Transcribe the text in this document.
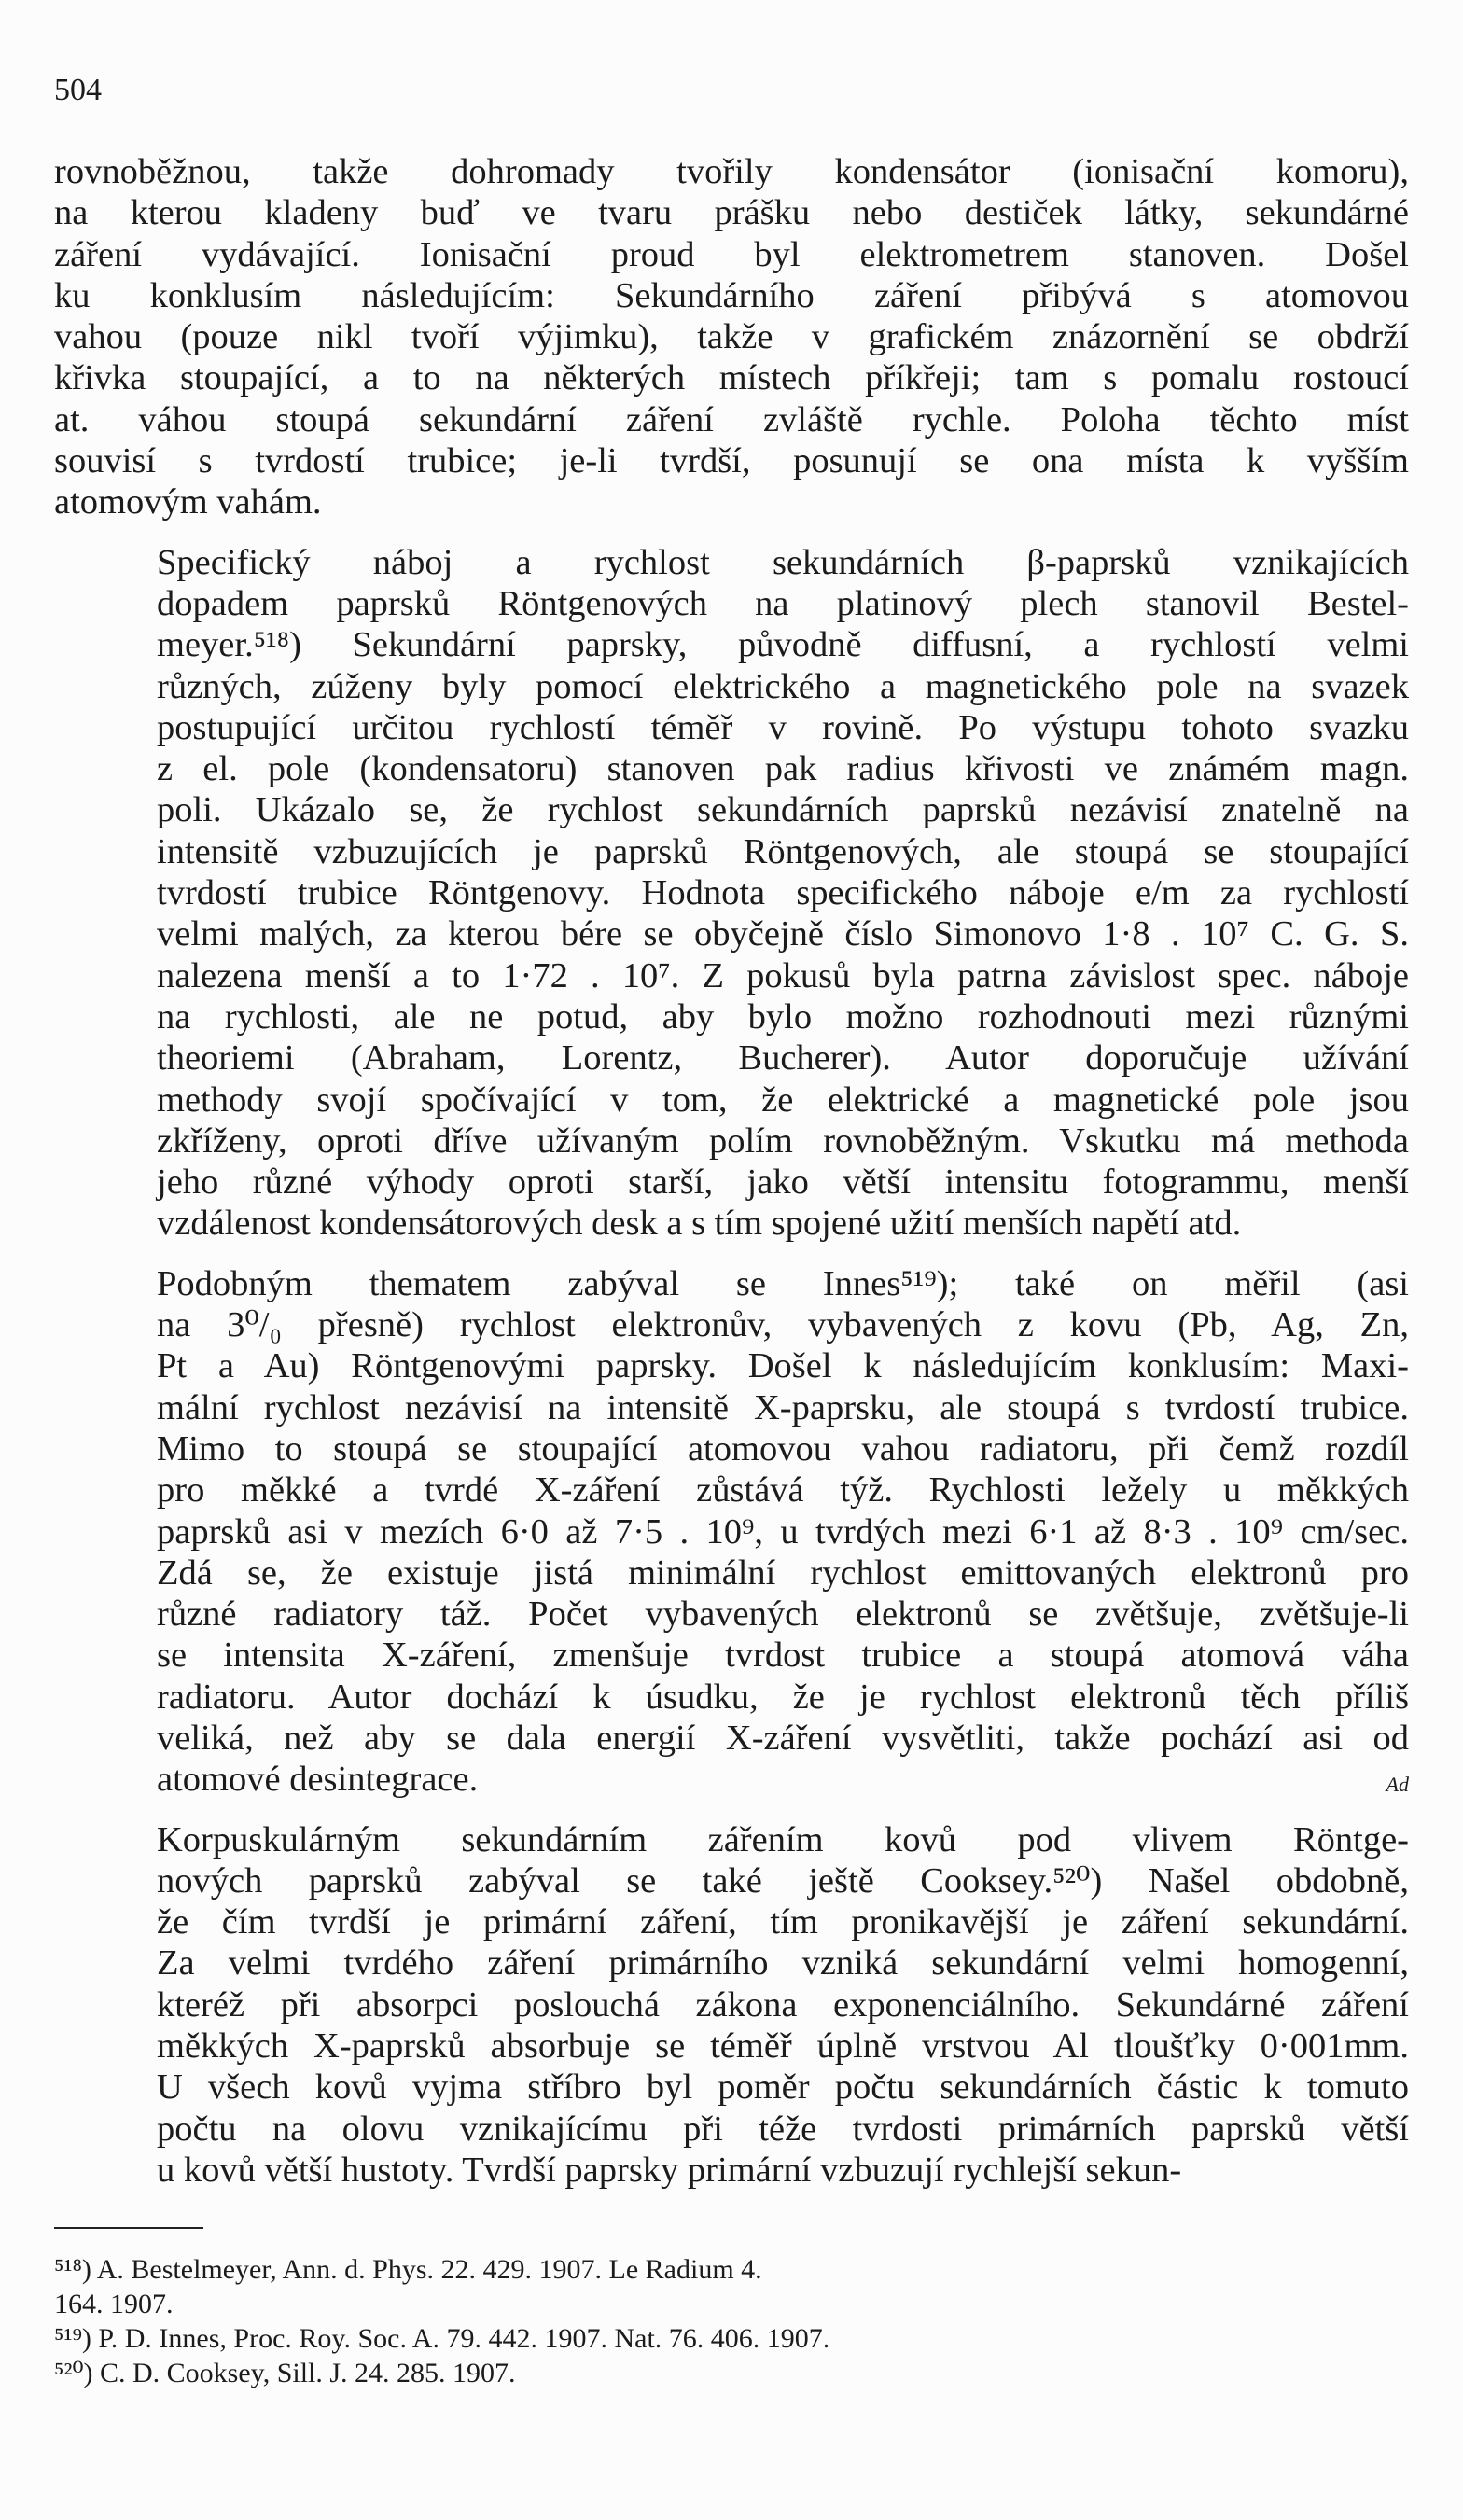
504

rovnoběžnou, takže dohromady tvořily kondensátor (ionisační komoru),
na kterou kladeny buď ve tvaru prášku nebo destiček látky, sekundárné
záření vydávající. Ionisační proud byl elektrometrem stanoven. Došel
ku konklusím následujícím: Sekundárního záření přibývá s atomovou
vahou (pouze nikl tvoří výjimku), takže v grafickém znázornění se obdrží
křivka stoupající, a to na některých místech příkřeji; tam s pomalu rostoucí
at. váhou stoupá sekundární záření zvláště rychle. Poloha těchto míst
souvisí s tvrdostí trubice; je-li tvrdší, posunují se ona místa k vyšším
atomovým vahám.

Specifický náboj a rychlost sekundárních β-paprsků vznikajících
dopadem paprsků Röntgenových na platinový plech stanovil Bestel-
meyer.⁵¹⁸) Sekundární paprsky, původně diffusní, a rychlostí velmi
různých, zúženy byly pomocí elektrického a magnetického pole na svazek
postupující určitou rychlostí téměř v rovině. Po výstupu tohoto svazku
z el. pole (kondensatoru) stanoven pak radius křivosti ve známém magn.
poli. Ukázalo se, že rychlost sekundárních paprsků nezávisí znatelně na
intensitě vzbuzujících je paprsků Röntgenových, ale stoupá se stoupající
tvrdostí trubice Röntgenovy. Hodnota specifického náboje e/m za rychlostí
velmi malých, za kterou bére se obyčejně číslo Simonovo 1·8 . 10⁷ C. G. S.
nalezena menší a to 1·72 . 10⁷. Z pokusů byla patrna závislost spec. náboje
na rychlosti, ale ne potud, aby bylo možno rozhodnouti mezi různými
theoriemi (Abraham, Lorentz, Bucherer). Autor doporučuje užívání
methody svojí spočívající v tom, že elektrické a magnetické pole jsou
zkříženy, oproti dříve užívaným polím rovnoběžným. Vskutku má methoda
jeho různé výhody oproti starší, jako větší intensitu fotogrammu, menší
vzdálenost kondensátorových desk a s tím spojené užití menších napětí atd.

Podobným thematem zabýval se Innes⁵¹⁹); také on měřil (asi
na 3⁰/₀ přesně) rychlost elektronův, vybavených z kovu (Pb, Ag, Zn,
Pt a Au) Röntgenovými paprsky. Došel k následujícím konklusím: Maxi-
mální rychlost nezávisí na intensitě X-paprsku, ale stoupá s tvrdostí trubice.
Mimo to stoupá se stoupající atomovou vahou radiatoru, při čemž rozdíl
pro měkké a tvrdé X-záření zůstává týž. Rychlosti ležely u měkkých
paprsků asi v mezích 6·0 až 7·5 . 10⁹, u tvrdých mezi 6·1 až 8·3 . 10⁹ cm/sec.
Zdá se, že existuje jistá minimální rychlost emittovaných elektronů pro
různé radiatory táž. Počet vybavených elektronů se zvětšuje, zvětšuje-li
se intensita X-záření, zmenšuje tvrdost trubice a stoupá atomová váha
radiatoru. Autor dochází k úsudku, že je rychlost elektronů těch příliš
veliká, než aby se dala energií X-záření vysvětliti, takže pochází asi od
atomové desintegrace.	Ad

Korpuskulárným sekundárním zářením kovů pod vlivem Röntge-
nových paprsků zabýval se také ještě Cooksey.⁵²⁰) Našel obdobně,
že čím tvrdší je primární záření, tím pronikavější je záření sekundární.
Za velmi tvrdého záření primárního vzniká sekundární velmi homogenní,
kteréž při absorpci poslouchá zákona exponenciálního. Sekundárné záření
měkkých X-paprsků absorbuje se téměř úplně vrstvou Al tloušťky 0·001mm.
U všech kovů vyjma stříbro byl poměr počtu sekundárních částic k tomuto
počtu na olovu vznikajícímu při téže tvrdosti primárních paprsků větší
u kovů větší hustoty. Tvrdší paprsky primární vzbuzují rychlejší sekun-

⁵¹⁸) A. Bestelmeyer, Ann. d. Phys. 22. 429. 1907. Le Radium 4.
164. 1907.
⁵¹⁹) P. D. Innes, Proc. Roy. Soc. A. 79. 442. 1907. Nat. 76. 406. 1907.
⁵²⁰) C. D. Cooksey, Sill. J. 24. 285. 1907.
